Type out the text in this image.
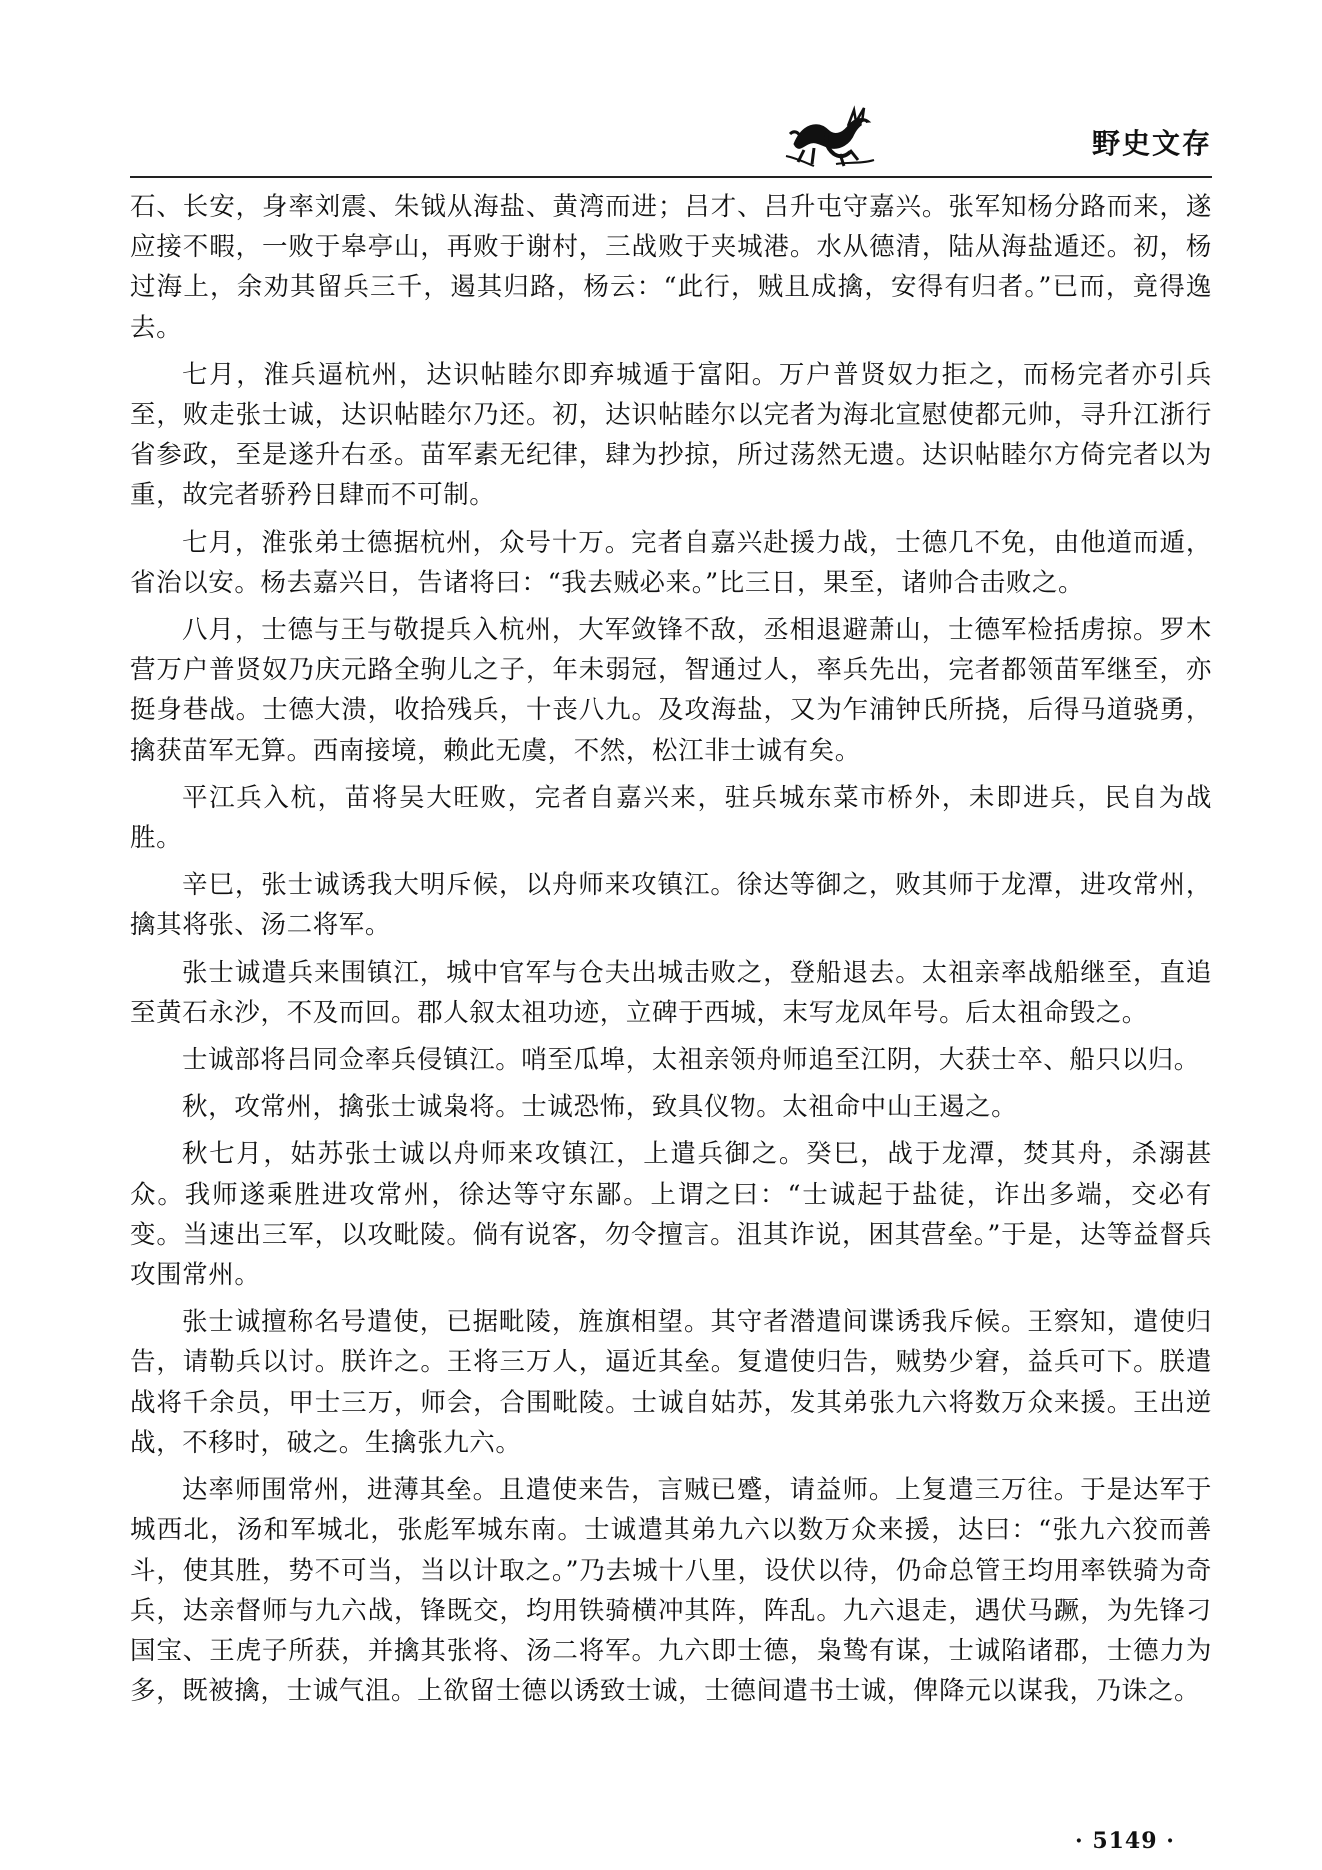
野史文存

石、长安，身率刘震、朱钺从海盐、黄湾而进；吕才、吕升屯守嘉兴。张军知杨分路而来，遂应接不暇，一败于皋亭山，再败于谢村，三战败于夹城港。水从德清，陆从海盐遁还。初，杨过海上，余劝其留兵三千，遏其归路，杨云：“此行，贼且成擒，安得有归者。”已而，竟得逸去。

七月，淮兵逼杭州，达识帖睦尔即弃城遁于富阳。万户普贤奴力拒之，而杨完者亦引兵至，败走张士诚，达识帖睦尔乃还。初，达识帖睦尔以完者为海北宣慰使都元帅，寻升江浙行省参政，至是遂升右丞。苗军素无纪律，肆为抄掠，所过荡然无遗。达识帖睦尔方倚完者以为重，故完者骄矜日肆而不可制。

七月，淮张弟士德据杭州，众号十万。完者自嘉兴赴援力战，士德几不免，由他道而遁，省治以安。杨去嘉兴日，告诸将曰：“我去贼必来。”比三日，果至，诸帅合击败之。

八月，士德与王与敬提兵入杭州，大军敛锋不敌，丞相退避萧山，士德军检括虏掠。罗木营万户普贤奴乃庆元路全驹儿之子，年未弱冠，智通过人，率兵先出，完者都领苗军继至，亦挺身巷战。士德大溃，收拾残兵，十丧八九。及攻海盐，又为乍浦钟氏所挠，后得马道骁勇，擒获苗军无算。西南接境，赖此无虞，不然，松江非士诚有矣。

平江兵入杭，苗将吴大旺败，完者自嘉兴来，驻兵城东菜市桥外，未即进兵，民自为战胜。

辛巳，张士诚诱我大明斥候，以舟师来攻镇江。徐达等御之，败其师于龙潭，进攻常州，擒其将张、汤二将军。

张士诚遣兵来围镇江，城中官军与仓夫出城击败之，登船退去。太祖亲率战船继至，直追至黄石永沙，不及而回。郡人叙太祖功迹，立碑于西城，末写龙凤年号。后太祖命毁之。

士诚部将吕同佥率兵侵镇江。哨至瓜埠，太祖亲领舟师追至江阴，大获士卒、船只以归。

秋，攻常州，擒张士诚枭将。士诚恐怖，致具仪物。太祖命中山王遏之。

秋七月，姑苏张士诚以舟师来攻镇江，上遣兵御之。癸巳，战于龙潭，焚其舟，杀溺甚众。我师遂乘胜进攻常州，徐达等守东鄙。上谓之曰：“士诚起于盐徒，诈出多端，交必有变。当速出三军，以攻毗陵。倘有说客，勿令擅言。沮其诈说，困其营垒。”于是，达等益督兵攻围常州。

张士诚擅称名号遣使，已据毗陵，旌旗相望。其守者潜遣间谍诱我斥候。王察知，遣使归告，请勒兵以讨。朕许之。王将三万人，逼近其垒。复遣使归告，贼势少窘，益兵可下。朕遣战将千余员，甲士三万，师会，合围毗陵。士诚自姑苏，发其弟张九六将数万众来援。王出逆战，不移时，破之。生擒张九六。

达率师围常州，进薄其垒。且遣使来告，言贼已蹙，请益师。上复遣三万往。于是达军于城西北，汤和军城北，张彪军城东南。士诚遣其弟九六以数万众来援，达曰：“张九六狡而善斗，使其胜，势不可当，当以计取之。”乃去城十八里，设伏以待，仍命总管王均用率铁骑为奇兵，达亲督师与九六战，锋既交，均用铁骑横冲其阵，阵乱。九六退走，遇伏马蹶，为先锋刁国宝、王虎子所获，并擒其张将、汤二将军。九六即士德，枭鸷有谋，士诚陷诸郡，士德力为多，既被擒，士诚气沮。上欲留士德以诱致士诚，士德间遣书士诚，俾降元以谋我，乃诛之。

· 5149 ·
